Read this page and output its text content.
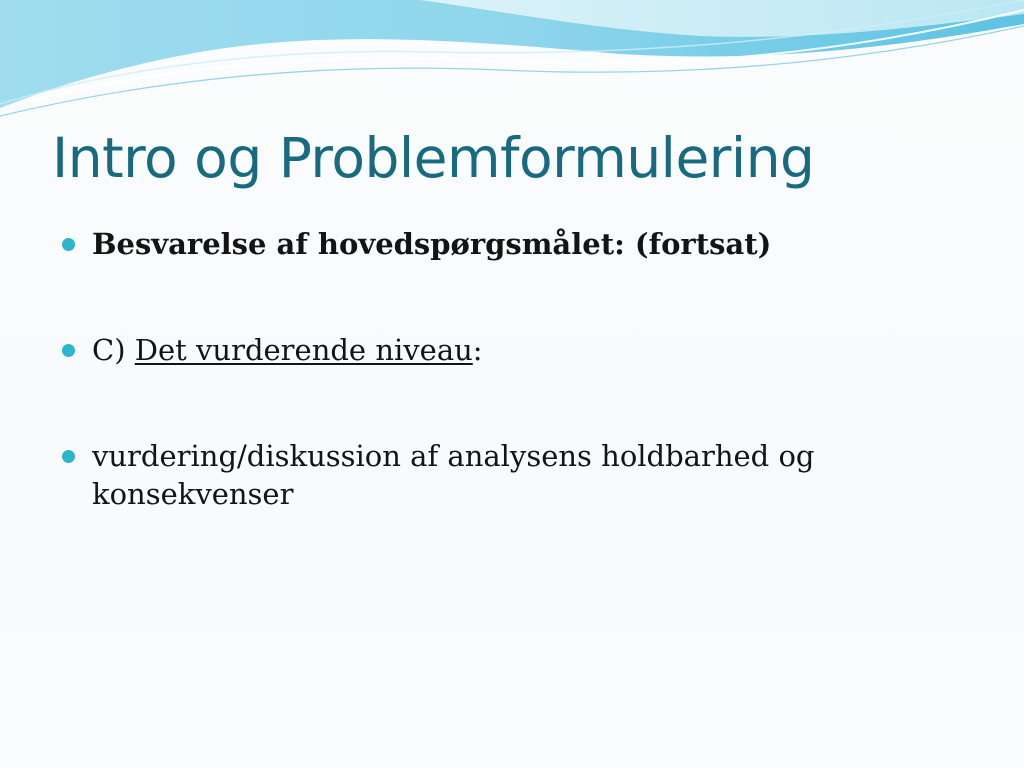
Intro og Problemformulering
Besvarelse af hovedspørgsmålet: (fortsat)
C) Det vurderende niveau:
vurdering/diskussion af analysens holdbarhed og konsekvenser
